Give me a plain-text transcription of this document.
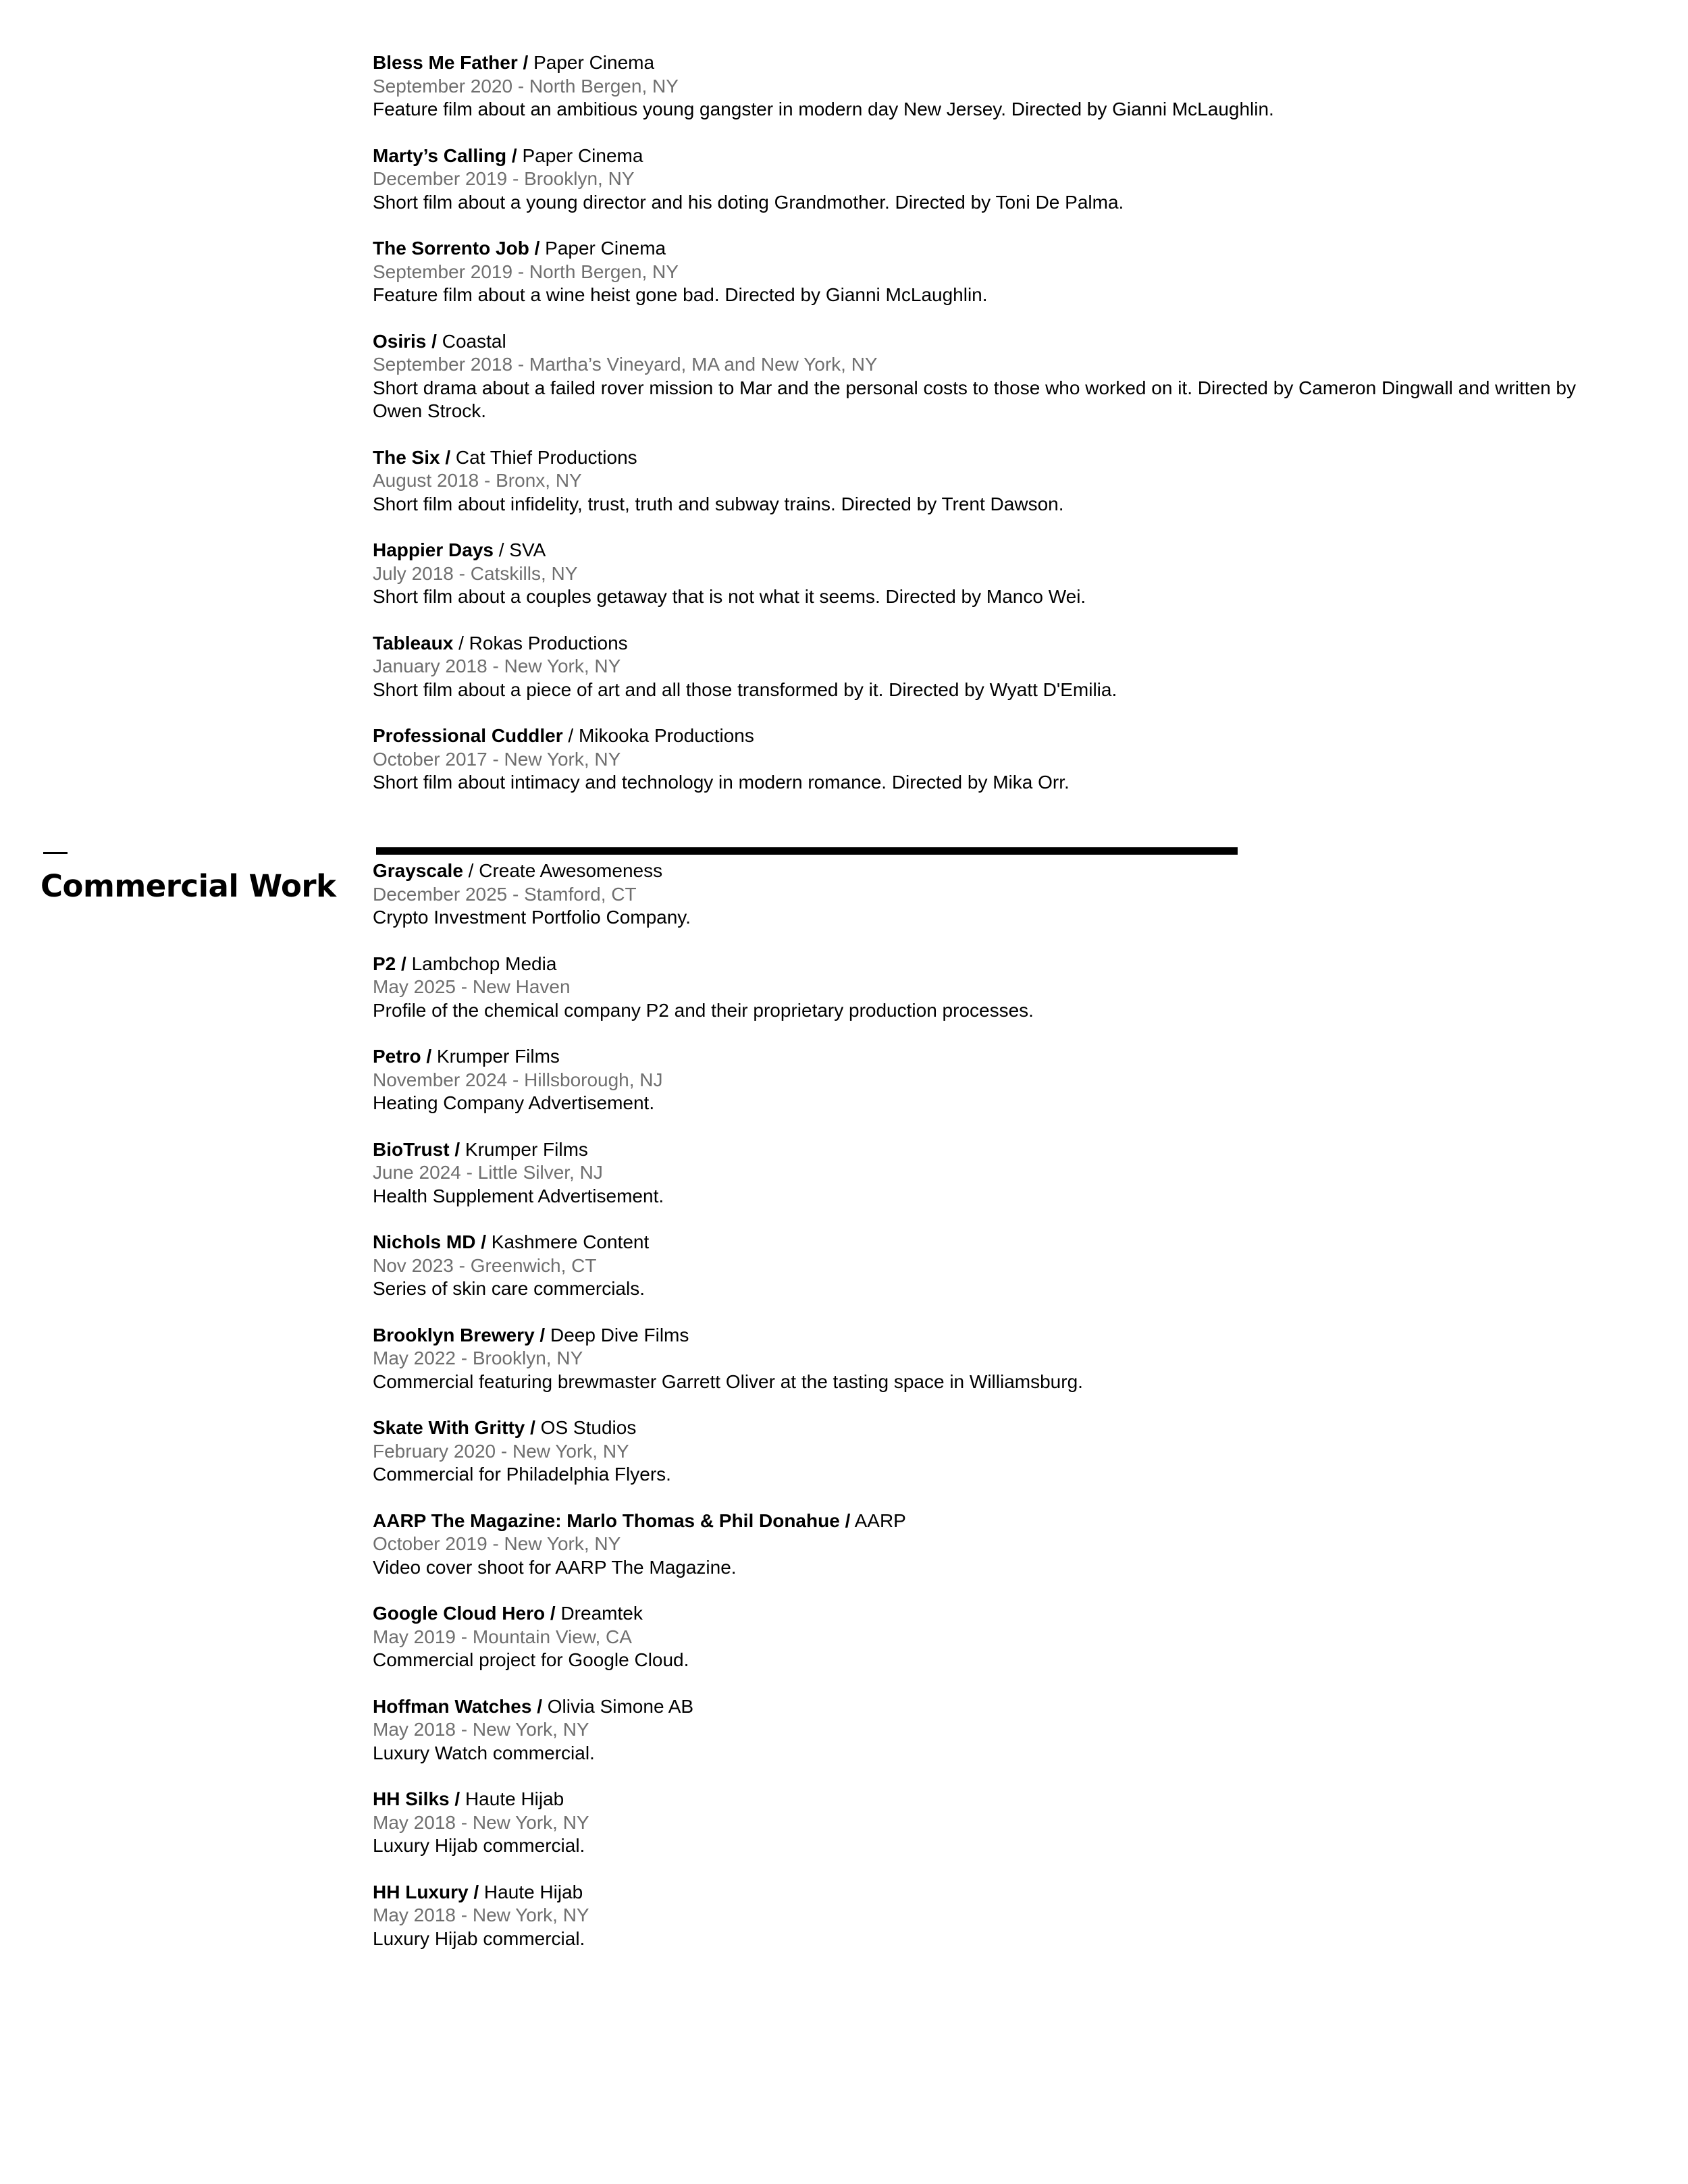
Bless Me Father / Paper Cinema
September 2020 - North Bergen, NY
Feature film about an ambitious young gangster in modern day New Jersey. Directed by Gianni McLaughlin.
Marty’s Calling / Paper Cinema
December 2019 - Brooklyn, NY
Short film about a young director and his doting Grandmother. Directed by Toni De Palma.
The Sorrento Job / Paper Cinema
September 2019 - North Bergen, NY
Feature film about a wine heist gone bad. Directed by Gianni McLaughlin.
Osiris / Coastal
September 2018 - Martha’s Vineyard, MA and New York, NY
Short drama about a failed rover mission to Mar and the personal costs to those who worked on it. Directed by Cameron Dingwall and written by Owen Strock.
The Six / Cat Thief Productions
August 2018 - Bronx, NY
Short film about infidelity, trust, truth and subway trains. Directed by Trent Dawson.
Happier Days / SVA
July 2018 - Catskills, NY
Short film about a couples getaway that is not what it seems. Directed by Manco Wei.
Tableaux / Rokas Productions
January 2018 - New York, NY
Short film about a piece of art and all those transformed by it. Directed by Wyatt D'Emilia.
Professional Cuddler / Mikooka Productions
October 2017 - New York, NY
Short film about intimacy and technology in modern romance. Directed by Mika Orr.
Commercial Work Grayscale / Create Awesomeness
December 2025 - Stamford, CT
Crypto Investment Portfolio Company.
P2 / Lambchop Media
May 2025 - New Haven
Profile of the chemical company P2 and their proprietary production processes.
Petro / Krumper Films
November 2024 - Hillsborough, NJ
Heating Company Advertisement.
BioTrust / Krumper Films
June 2024 - Little Silver, NJ
Health Supplement Advertisement.
Nichols MD / Kashmere Content
Nov 2023 - Greenwich, CT
Series of skin care commercials.
Brooklyn Brewery / Deep Dive Films
May 2022 - Brooklyn, NY
Commercial featuring brewmaster Garrett Oliver at the tasting space in Williamsburg.
Skate With Gritty / OS Studios
February 2020 - New York, NY
Commercial for Philadelphia Flyers.
AARP The Magazine: Marlo Thomas & Phil Donahue / AARP
October 2019 - New York, NY
Video cover shoot for AARP The Magazine.
Google Cloud Hero / Dreamtek
May 2019 - Mountain View, CA
Commercial project for Google Cloud.
Hoffman Watches / Olivia Simone AB
May 2018 - New York, NY
Luxury Watch commercial.
HH Silks / Haute Hijab
May 2018 - New York, NY
Luxury Hijab commercial.
HH Luxury / Haute Hijab
May 2018 - New York, NY
Luxury Hijab commercial.
